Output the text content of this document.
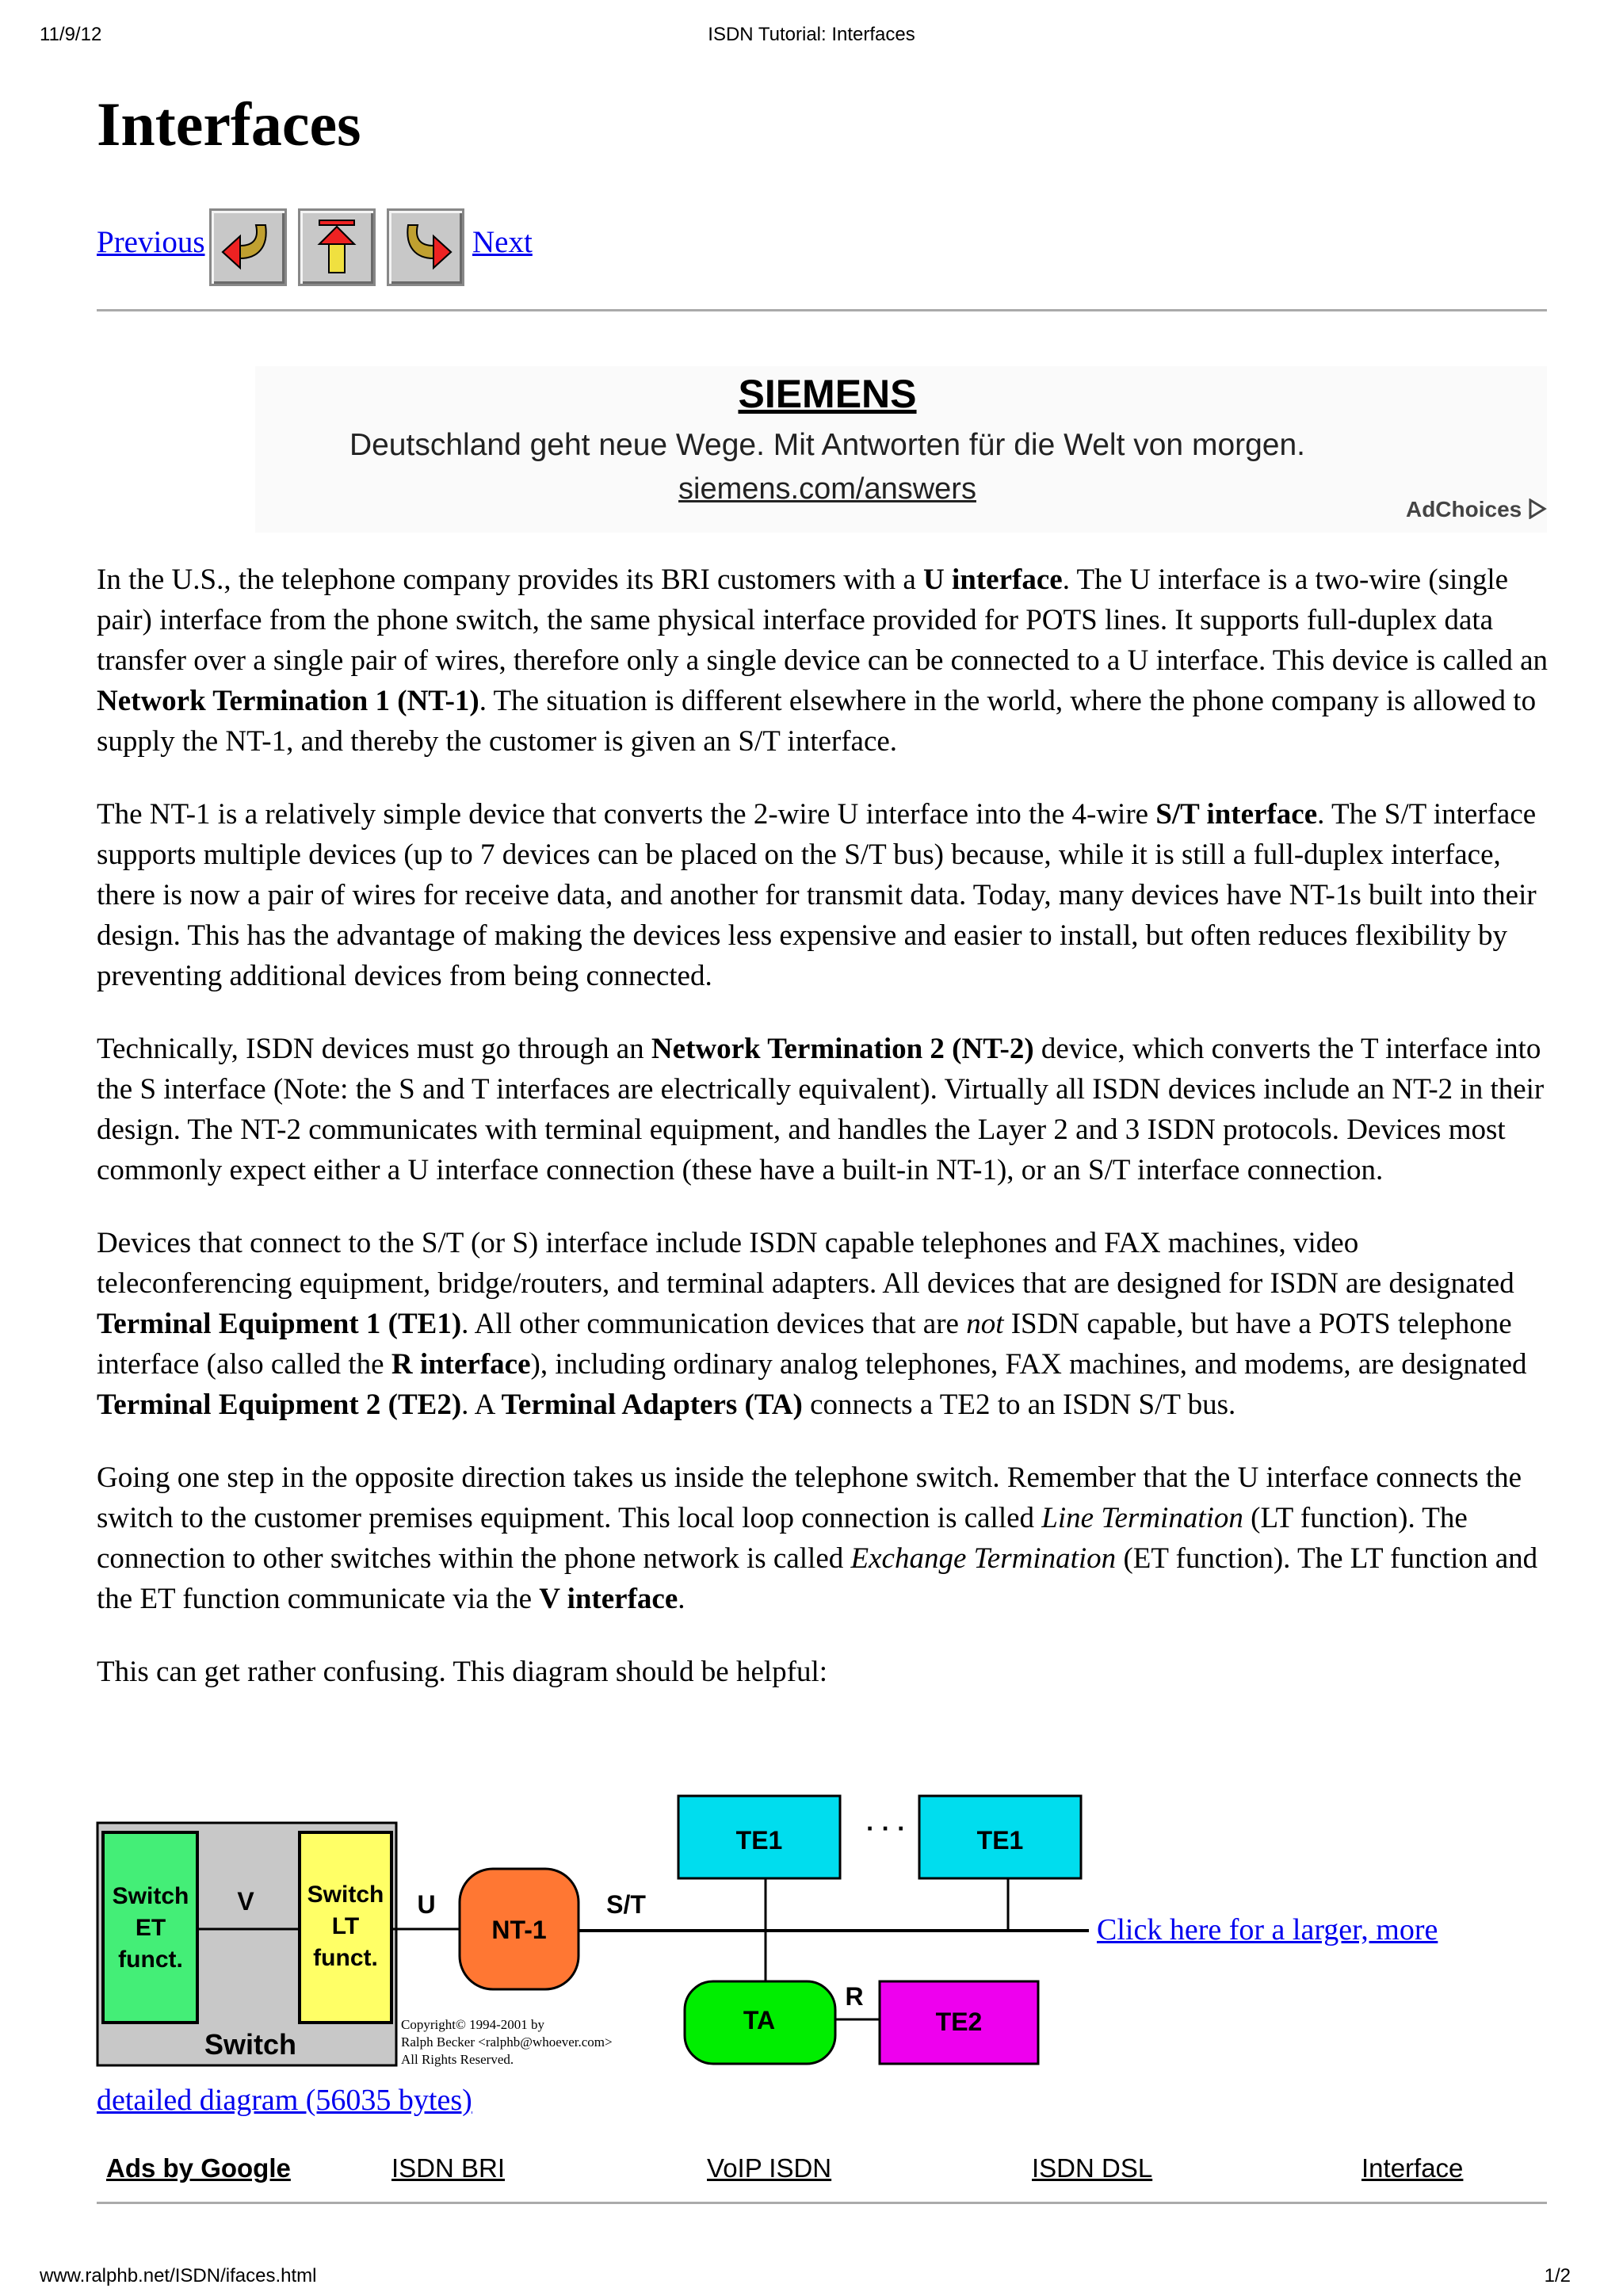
11/9/12	ISDN Tutorial: Interfaces
Interfaces
Previous	Next
SIEMENS
Deutschland geht neue Wege. Mit Antworten für die Welt von morgen.
siemens.com/answers
AdChoices

In the U.S., the telephone company provides its BRI customers with a U interface. The U interface is a two-wire (single pair) interface from the phone switch, the same physical interface provided for POTS lines. It supports full-duplex data transfer over a single pair of wires, therefore only a single device can be connected to a U interface. This device is called an Network Termination 1 (NT-1). The situation is different elsewhere in the world, where the phone company is allowed to supply the NT-1, and thereby the customer is given an S/T interface.

The NT-1 is a relatively simple device that converts the 2-wire U interface into the 4-wire S/T interface. The S/T interface supports multiple devices (up to 7 devices can be placed on the S/T bus) because, while it is still a full-duplex interface, there is now a pair of wires for receive data, and another for transmit data. Today, many devices have NT-1s built into their design. This has the advantage of making the devices less expensive and easier to install, but often reduces flexibility by preventing additional devices from being connected.

Technically, ISDN devices must go through an Network Termination 2 (NT-2) device, which converts the T interface into the S interface (Note: the S and T interfaces are electrically equivalent). Virtually all ISDN devices include an NT-2 in their design. The NT-2 communicates with terminal equipment, and handles the Layer 2 and 3 ISDN protocols. Devices most commonly expect either a U interface connection (these have a built-in NT-1), or an S/T interface connection.

Devices that connect to the S/T (or S) interface include ISDN capable telephones and FAX machines, video teleconferencing equipment, bridge/routers, and terminal adapters. All devices that are designed for ISDN are designated Terminal Equipment 1 (TE1). All other communication devices that are not ISDN capable, but have a POTS telephone interface (also called the R interface), including ordinary analog telephones, FAX machines, and modems, are designated Terminal Equipment 2 (TE2). A Terminal Adapters (TA) connects a TE2 to an ISDN S/T bus.

Going one step in the opposite direction takes us inside the telephone switch. Remember that the U interface connects the switch to the customer premises equipment. This local loop connection is called Line Termination (LT function). The connection to other switches within the phone network is called Exchange Termination (ET function). The LT function and the ET function communicate via the V interface.

This can get rather confusing. This diagram should be helpful:

Switch
ET
funct.
Switch
LT
funct.
V
Switch
U
NT-1
S/T
TE1	· · ·	TE1
TA
R
TE2
Copyright© 1994-2001 by
Ralph Becker <ralphb@whoever.com>
All Rights Reserved.
Click here for a larger, more
detailed diagram (56035 bytes)
Ads by Google	ISDN BRI	VoIP ISDN	ISDN DSL	Interface
www.ralphb.net/ISDN/ifaces.html	1/2
